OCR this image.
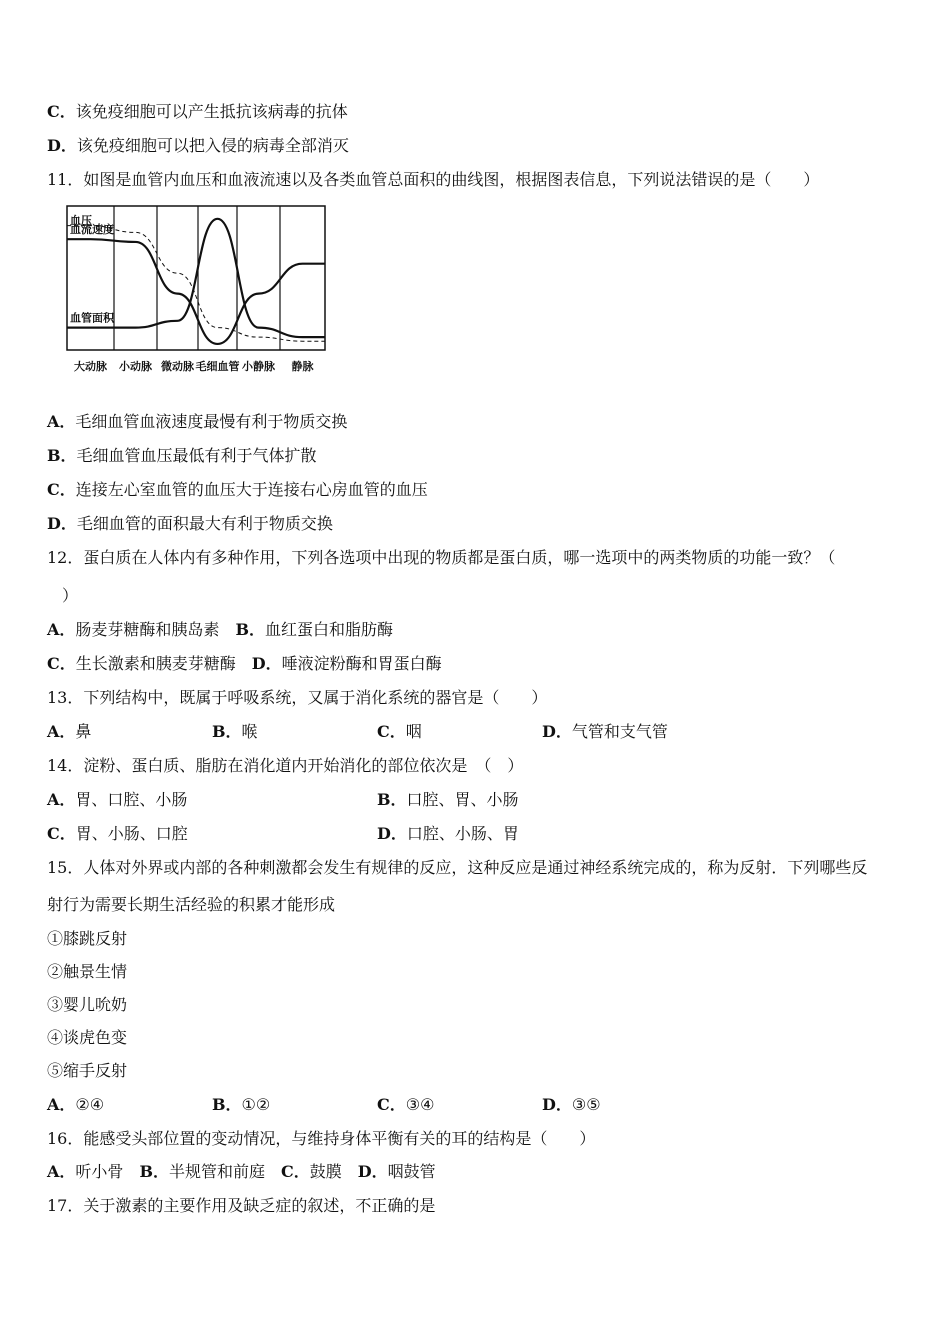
C．该免疫细胞可以产生抵抗该病毒的抗体
D．该免疫细胞可以把入侵的病毒全部消灭
11．如图是血管内血压和血液流速以及各类血管总面积的曲线图，根据图表信息，下列说法错误的是（　　）
血压
血流速度
血管面积
大动脉 小动脉 微动脉 毛细血管 小静脉 静脉
A．毛细血管血液速度最慢有利于物质交换
B．毛细血管血压最低有利于气体扩散
C．连接左心室血管的血压大于连接右心房血管的血压
D．毛细血管的面积最大有利于物质交换
12．蛋白质在人体内有多种作用，下列各选项中出现的物质都是蛋白质，哪一选项中的两类物质的功能一致？（
）
A．肠麦芽糖酶和胰岛素　B．血红蛋白和脂肪酶
C．生长激素和胰麦芽糖酶　D．唾液淀粉酶和胃蛋白酶
13．下列结构中，既属于呼吸系统，又属于消化系统的器官是（　　）
A．鼻	B．喉	C．咽	D．气管和支气管
14．淀粉、蛋白质、脂肪在消化道内开始消化的部位依次是　（　）
A．胃、口腔、小肠	B．口腔、胃、小肠
C．胃、小肠、口腔	D．口腔、小肠、胃
15．人体对外界或内部的各种刺激都会发生有规律的反应，这种反应是通过神经系统完成的，称为反射．下列哪些反
射行为需要长期生活经验的积累才能形成
①膝跳反射
②触景生情
③婴儿吮奶
④谈虎色变
⑤缩手反射
A．②④	B．①②	C．③④	D．③⑤
16．能感受头部位置的变动情况，与维持身体平衡有关的耳的结构是（　　）
A．听小骨　B．半规管和前庭　C．鼓膜　D．咽鼓管
17．关于激素的主要作用及缺乏症的叙述，不正确的是
